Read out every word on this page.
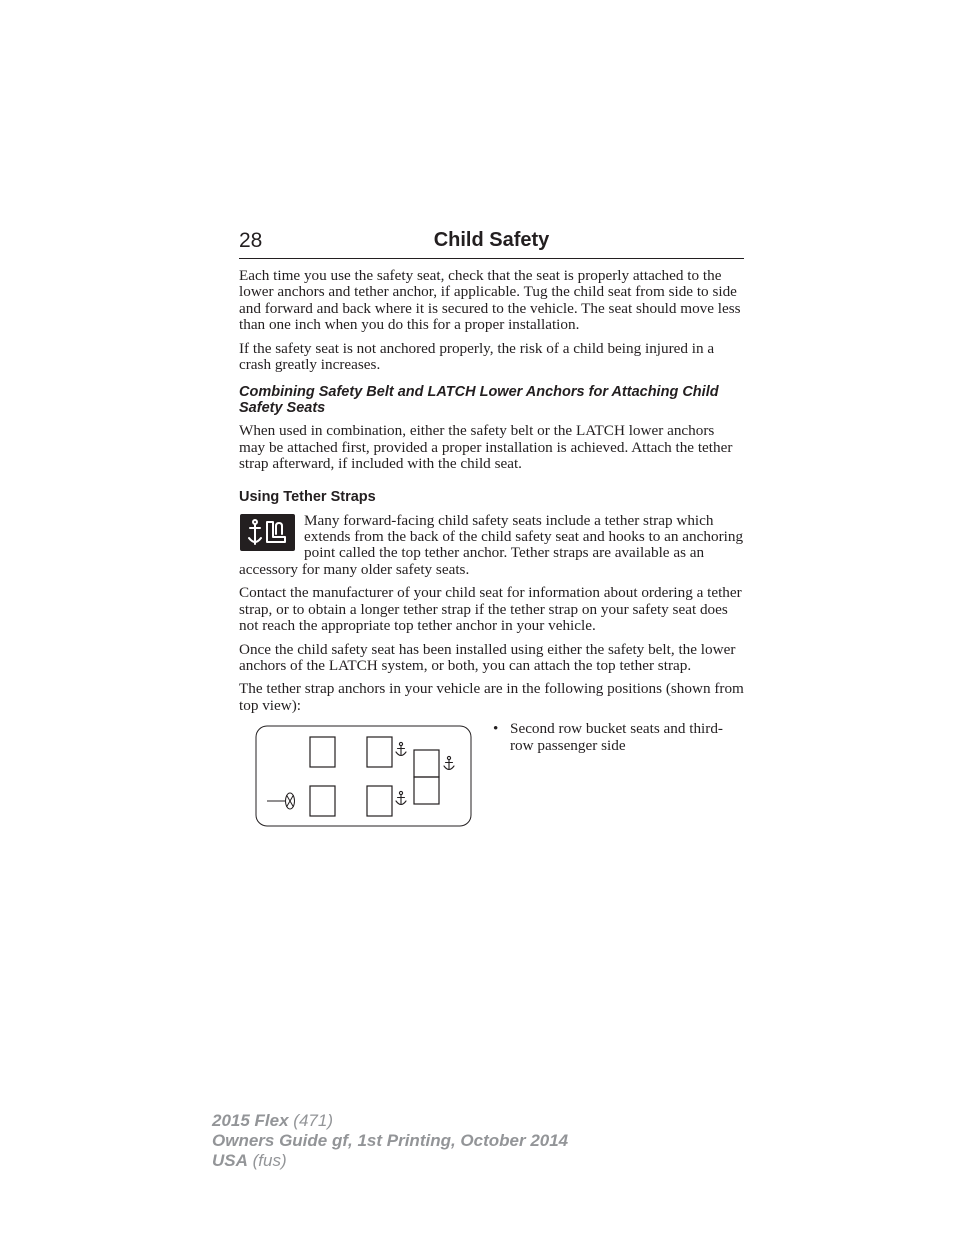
28	Child Safety

Each time you use the safety seat, check that the seat is properly attached to the lower anchors and tether anchor, if applicable. Tug the child seat from side to side and forward and back where it is secured to the vehicle. The seat should move less than one inch when you do this for a proper installation.

If the safety seat is not anchored properly, the risk of a child being injured in a crash greatly increases.

Combining Safety Belt and LATCH Lower Anchors for Attaching Child Safety Seats

When used in combination, either the safety belt or the LATCH lower anchors may be attached first, provided a proper installation is achieved. Attach the tether strap afterward, if included with the child seat.

Using Tether Straps

Many forward-facing child safety seats include a tether strap which extends from the back of the child safety seat and hooks to an anchoring point called the top tether anchor. Tether straps are available as an accessory for many older safety seats.

Contact the manufacturer of your child seat for information about ordering a tether strap, or to obtain a longer tether strap if the tether strap on your safety seat does not reach the appropriate top tether anchor in your vehicle.

Once the child safety seat has been installed using either the safety belt, the lower anchors of the LATCH system, or both, you can attach the top tether strap.

The tether strap anchors in your vehicle are in the following positions (shown from top view):

• Second row bucket seats and third-row passenger side
2015 Flex (471)
Owners Guide gf, 1st Printing, October 2014
USA (fus)
